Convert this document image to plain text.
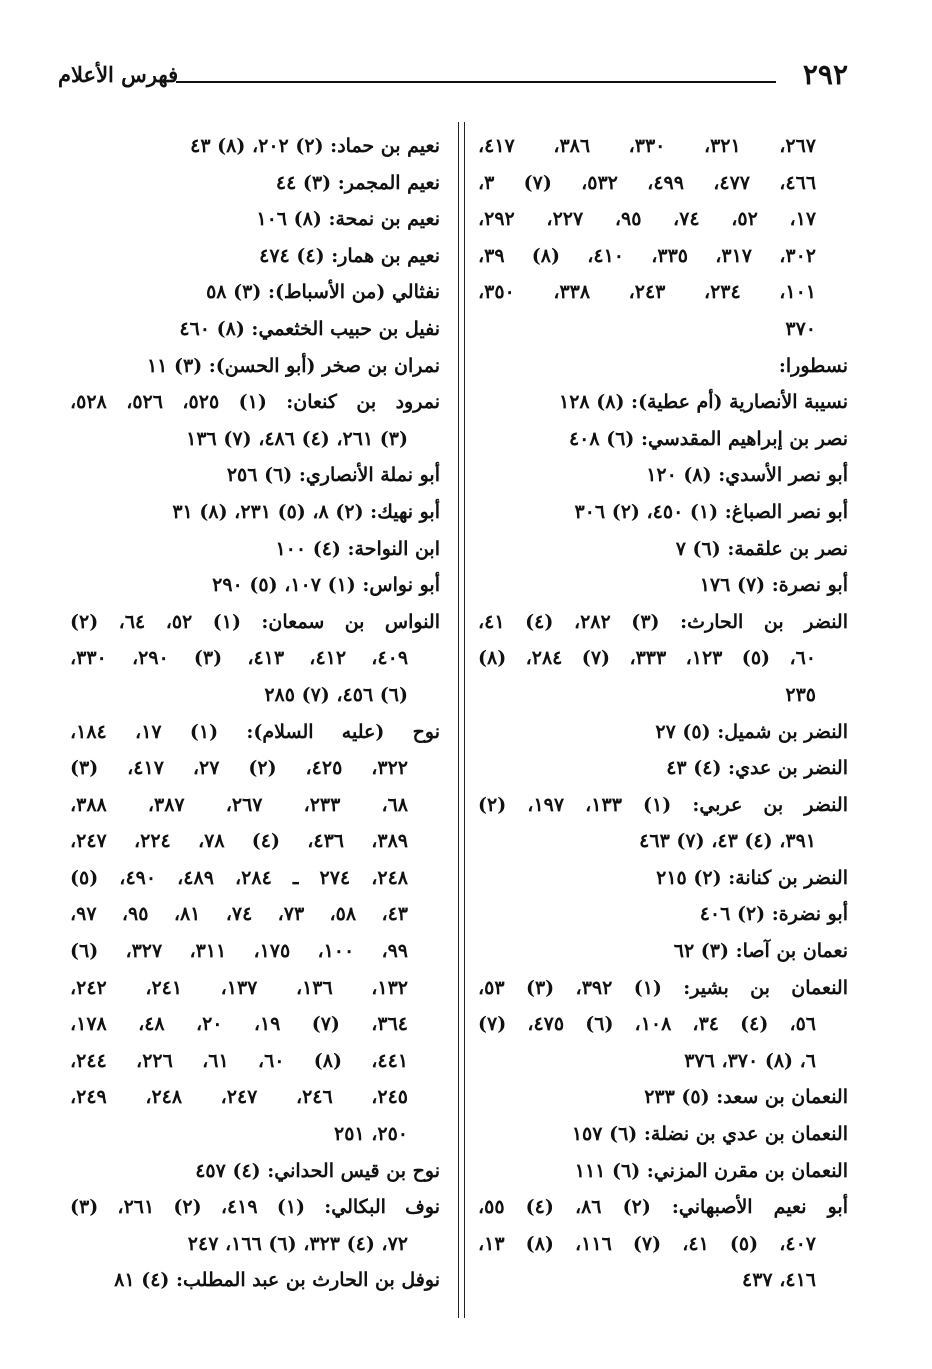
٢٩٢
فهرس الأعلام
٢٦٧، ٣٢١، ٣٣٠، ٣٨٦، ٤١٧،
٤٦٦، ٤٧٧، ٤٩٩، ٥٣٢، (٧) ٣،
١٧، ٥٢، ٧٤، ٩٥، ٢٢٧، ٢٩٢،
٣٠٢، ٣١٧، ٣٣٥، ٤١٠، (٨) ٣٩،
١٠١، ٢٣٤، ٢٤٣، ٣٣٨، ٣٥٠،
٣٧٠
نسطورا:
نسيبة الأنصارية (أم عطية): (٨) ١٢٨
نصر بن إبراهيم المقدسي: (٦) ٤٠٨
أبو نصر الأسدي: (٨) ١٢٠
أبو نصر الصباغ: (١) ٤٥٠، (٢) ٣٠٦
نصر بن علقمة: (٦) ٧
أبو نصرة: (٧) ١٧٦
النضر بن الحارث: (٣) ٢٨٢، (٤) ٤١،
٦٠، (٥) ١٢٣، ٣٣٣، (٧) ٢٨٤، (٨)
٢٣٥
النضر بن شميل: (٥) ٢٧
النضر بن عدي: (٤) ٤٣
النضر بن عربي: (١) ١٣٣، ١٩٧، (٢)
٣٩١، (٤) ٤٣، (٧) ٤٦٣
النضر بن كنانة: (٢) ٢١٥
أبو نضرة: (٢) ٤٠٦
نعمان بن آصا: (٣) ٦٢
النعمان بن بشير: (١) ٣٩٢، (٣) ٥٣،
٥٦، (٤) ٣٤، ١٠٨، (٦) ٤٧٥، (٧)
٦، (٨) ٣٧٠، ٣٧٦
النعمان بن سعد: (٥) ٢٣٣
النعمان بن عدي بن نضلة: (٦) ١٥٧
النعمان بن مقرن المزني: (٦) ١١١
أبو نعيم الأصبهاني: (٢) ٨٦، (٤) ٥٥،
٤٠٧، (٥) ٤١، (٧) ١١٦، (٨) ١٣،
٤١٦، ٤٣٧
نعيم بن حماد: (٢) ٢٠٢، (٨) ٤٣
نعيم المجمر: (٣) ٤٤
نعيم بن نمحة: (٨) ١٠٦
نعيم بن همار: (٤) ٤٧٤
نفثالي (من الأسباط): (٣) ٥٨
نفيل بن حبيب الخثعمي: (٨) ٤٦٠
نمران بن صخر (أبو الحسن): (٣) ١١
نمرود بن كنعان: (١) ٥٢٥، ٥٢٦، ٥٢٨،
(٣) ٢٦١، (٤) ٤٨٦، (٧) ١٣٦
أبو نملة الأنصاري: (٦) ٢٥٦
أبو نهيك: (٢) ٨، (٥) ٢٣١، (٨) ٣١
ابن النواحة: (٤) ١٠٠
أبو نواس: (١) ١٠٧، (٥) ٢٩٠
النواس بن سمعان: (١) ٥٢، ٦٤، (٢)
٤٠٩، ٤١٢، ٤١٣، (٣) ٢٩٠، ٣٣٠،
(٦) ٤٥٦، (٧) ٢٨٥
نوح (عليه السلام): (١) ١٧، ١٨٤،
٣٢٢، ٤٢٥، (٢) ٢٧، ٤١٧، (٣)
٦٨، ٢٣٣، ٢٦٧، ٣٨٧، ٣٨٨،
٣٨٩، ٤٣٦، (٤) ٧٨، ٢٢٤، ٢٤٧،
٢٤٨، ٢٧٤ ـ ٢٨٤، ٤٨٩، ٤٩٠، (٥)
٤٣، ٥٨، ٧٣، ٧٤، ٨١، ٩٥، ٩٧،
٩٩، ١٠٠، ١٧٥، ٣١١، ٣٢٧، (٦)
١٣٢، ١٣٦، ١٣٧، ٢٤١، ٢٤٢،
٣٦٤، (٧) ١٩، ٢٠، ٤٨، ١٧٨،
٤٤١، (٨) ٦٠، ٦١، ٢٢٦، ٢٤٤،
٢٤٥، ٢٤٦، ٢٤٧، ٢٤٨، ٢٤٩،
٢٥٠، ٢٥١
نوح بن قيس الحداني: (٤) ٤٥٧
نوف البكالي: (١) ٤١٩، (٢) ٢٦١، (٣)
٧٢، (٤) ٣٢٣، (٦) ١٦٦، ٢٤٧
نوفل بن الحارث بن عبد المطلب: (٤) ٨١
